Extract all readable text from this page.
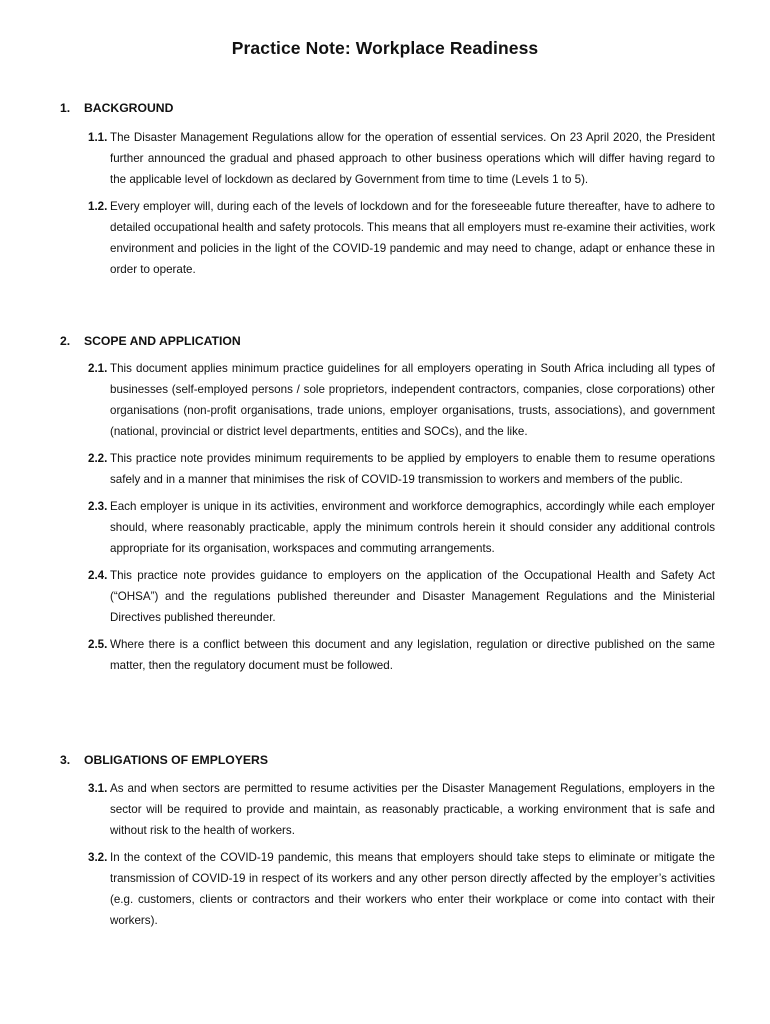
Practice Note: Workplace Readiness
1. BACKGROUND
1.1. The Disaster Management Regulations allow for the operation of essential services. On 23 April 2020, the President further announced the gradual and phased approach to other business operations which will differ having regard to the applicable level of lockdown as declared by Government from time to time (Levels 1 to 5).
1.2. Every employer will, during each of the levels of lockdown and for the foreseeable future thereafter, have to adhere to detailed occupational health and safety protocols. This means that all employers must re-examine their activities, work environment and policies in the light of the COVID-19 pandemic and may need to change, adapt or enhance these in order to operate.
2. SCOPE AND APPLICATION
2.1. This document applies minimum practice guidelines for all employers operating in South Africa including all types of businesses (self-employed persons / sole proprietors, independent contractors, companies, close corporations) other organisations (non-profit organisations, trade unions, employer organisations, trusts, associations), and government (national, provincial or district level departments, entities and SOCs), and the like.
2.2. This practice note provides minimum requirements to be applied by employers to enable them to resume operations safely and in a manner that minimises the risk of COVID-19 transmission to workers and members of the public.
2.3. Each employer is unique in its activities, environment and workforce demographics, accordingly while each employer should, where reasonably practicable, apply the minimum controls herein it should consider any additional controls appropriate for its organisation, workspaces and commuting arrangements.
2.4. This practice note provides guidance to employers on the application of the Occupational Health and Safety Act (“OHSA”) and the regulations published thereunder and Disaster Management Regulations and the Ministerial Directives published thereunder.
2.5. Where there is a conflict between this document and any legislation, regulation or directive published on the same matter, then the regulatory document must be followed.
3. OBLIGATIONS OF EMPLOYERS
3.1. As and when sectors are permitted to resume activities per the Disaster Management Regulations, employers in the sector will be required to provide and maintain, as reasonably practicable, a working environment that is safe and without risk to the health of workers.
3.2. In the context of the COVID-19 pandemic, this means that employers should take steps to eliminate or mitigate the transmission of COVID-19 in respect of its workers and any other person directly affected by the employer’s activities (e.g. customers, clients or contractors and their workers who enter their workplace or come into contact with their workers).
